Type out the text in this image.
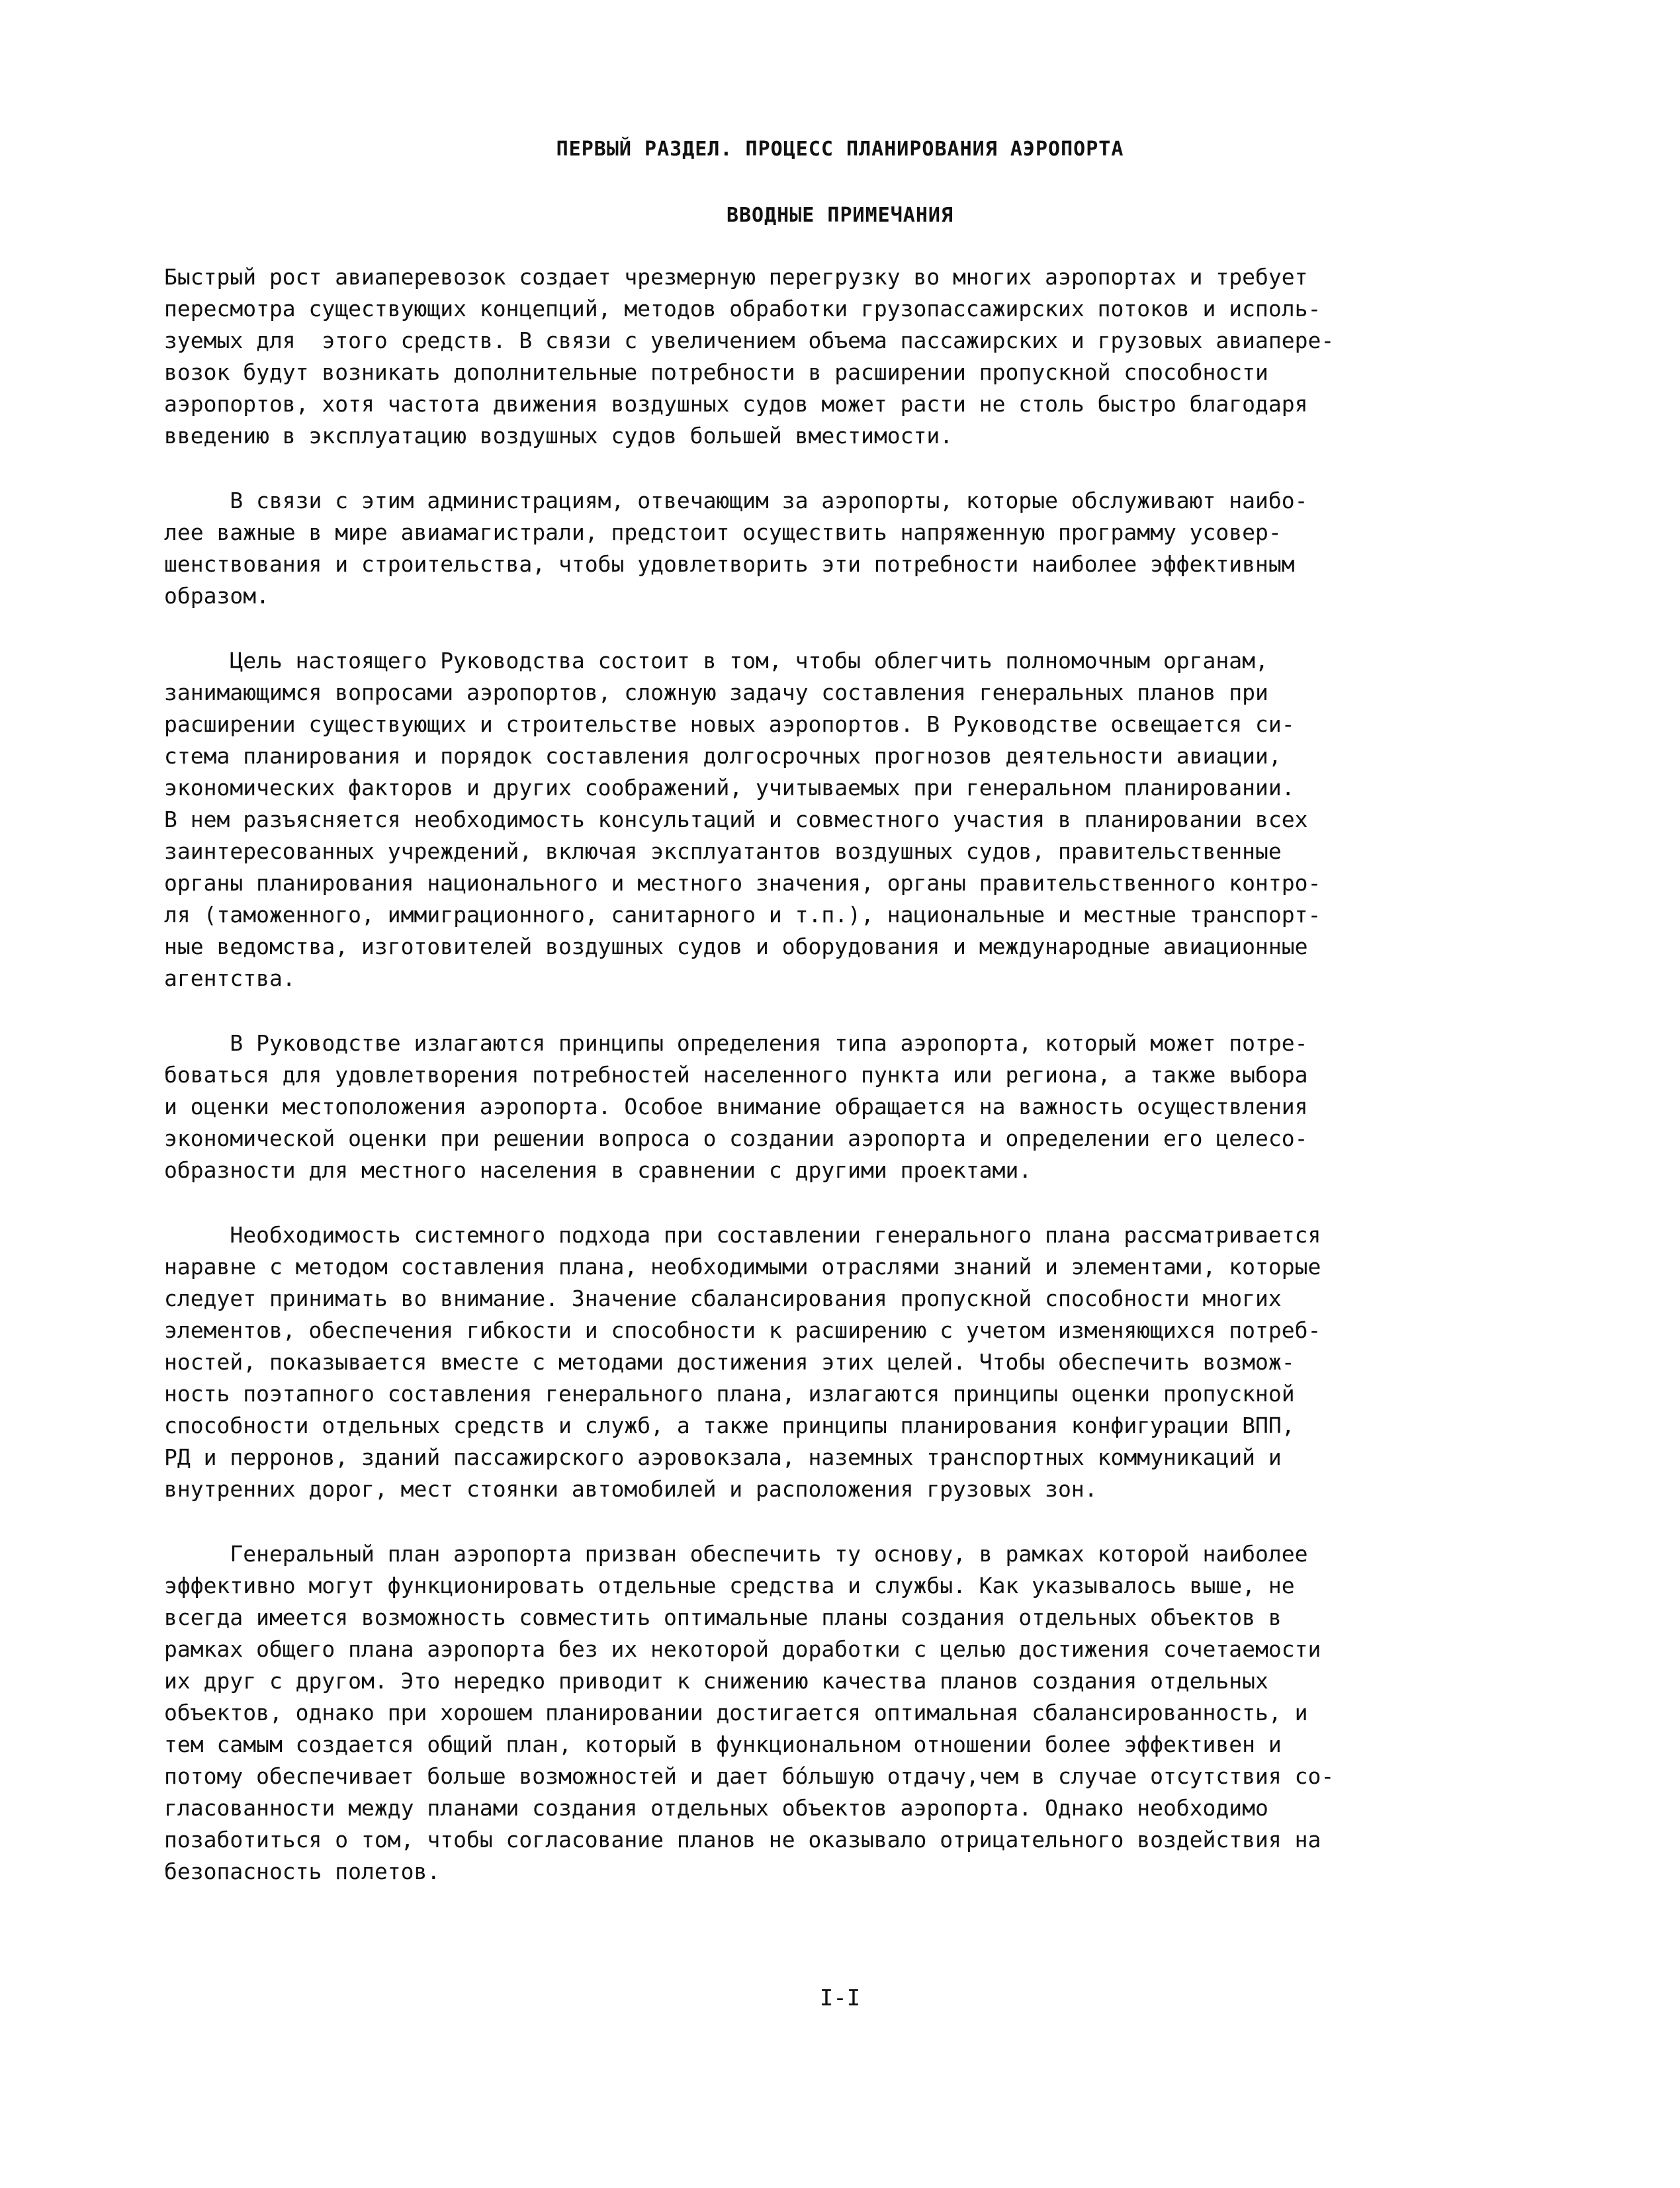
ПЕРВЫЙ РАЗДЕЛ. ПРОЦЕСС ПЛАНИРОВАНИЯ АЭРОПОРТА
ВВОДНЫЕ ПРИМЕЧАНИЯ
Быстрый рост авиаперевозок создает чрезмерную перегрузку во многих аэропортах и требует
пересмотра существующих концепций, методов обработки грузопассажирских потоков и исполь-
зуемых для  этого средств. В связи с увеличением объема пассажирских и грузовых авиапере-
возок будут возникать дополнительные потребности в расширении пропускной способности
аэропортов, хотя частота движения воздушных судов может расти не столь быстро благодаря
введению в эксплуатацию воздушных судов большей вместимости.
В связи с этим администрациям, отвечающим за аэропорты, которые обслуживают наибо-
лее важные в мире авиамагистрали, предстоит осуществить напряженную программу усовер-
шенствования и строительства, чтобы удовлетворить эти потребности наиболее эффективным
образом.
Цель настоящего Руководства состоит в том, чтобы облегчить полномочным органам,
занимающимся вопросами аэропортов, сложную задачу составления генеральных планов при
расширении существующих и строительстве новых аэропортов. В Руководстве освещается си-
стема планирования и порядок составления долгосрочных прогнозов деятельности авиации,
экономических факторов и других соображений, учитываемых при генеральном планировании.
В нем разъясняется необходимость консультаций и совместного участия в планировании всех
заинтересованных учреждений, включая эксплуатантов воздушных судов, правительственные
органы планирования национального и местного значения, органы правительственного контро-
ля (таможенного, иммиграционного, санитарного и т.п.), национальные и местные транспорт-
ные ведомства, изготовителей воздушных судов и оборудования и международные авиационные
агентства.
В Руководстве излагаются принципы определения типа аэропорта, который может потре-
боваться для удовлетворения потребностей населенного пункта или региона, а также выбора
и оценки местоположения аэропорта. Особое внимание обращается на важность осуществления
экономической оценки при решении вопроса о создании аэропорта и определении его целесо-
образности для местного населения в сравнении с другими проектами.
Необходимость системного подхода при составлении генерального плана рассматривается
наравне с методом составления плана, необходимыми отраслями знаний и элементами, которые
следует принимать во внимание. Значение сбалансирования пропускной способности многих
элементов, обеспечения гибкости и способности к расширению с учетом изменяющихся потреб-
ностей, показывается вместе с методами достижения этих целей. Чтобы обеспечить возмож-
ность поэтапного составления генерального плана, излагаются принципы оценки пропускной
способности отдельных средств и служб, а также принципы планирования конфигурации ВПП,
РД и перронов, зданий пассажирского аэровокзала, наземных транспортных коммуникаций и
внутренних дорог, мест стоянки автомобилей и расположения грузовых зон.
Генеральный план аэропорта призван обеспечить ту основу, в рамках которой наиболее
эффективно могут функционировать отдельные средства и службы. Как указывалось выше, не
всегда имеется возможность совместить оптимальные планы создания отдельных объектов в
рамках общего плана аэропорта без их некоторой доработки с целью достижения сочетаемости
их друг с другом. Это нередко приводит к снижению качества планов создания отдельных
объектов, однако при хорошем планировании достигается оптимальная сбалансированность, и
тем самым создается общий план, который в функциональном отношении более эффективен и
потому обеспечивает больше возможностей и дает бо́льшую отдачу,чем в случае отсутствия со-
гласованности между планами создания отдельных объектов аэропорта. Однако необходимо
позаботиться о том, чтобы согласование планов не оказывало отрицательного воздействия на
безопасность полетов.
I-I
